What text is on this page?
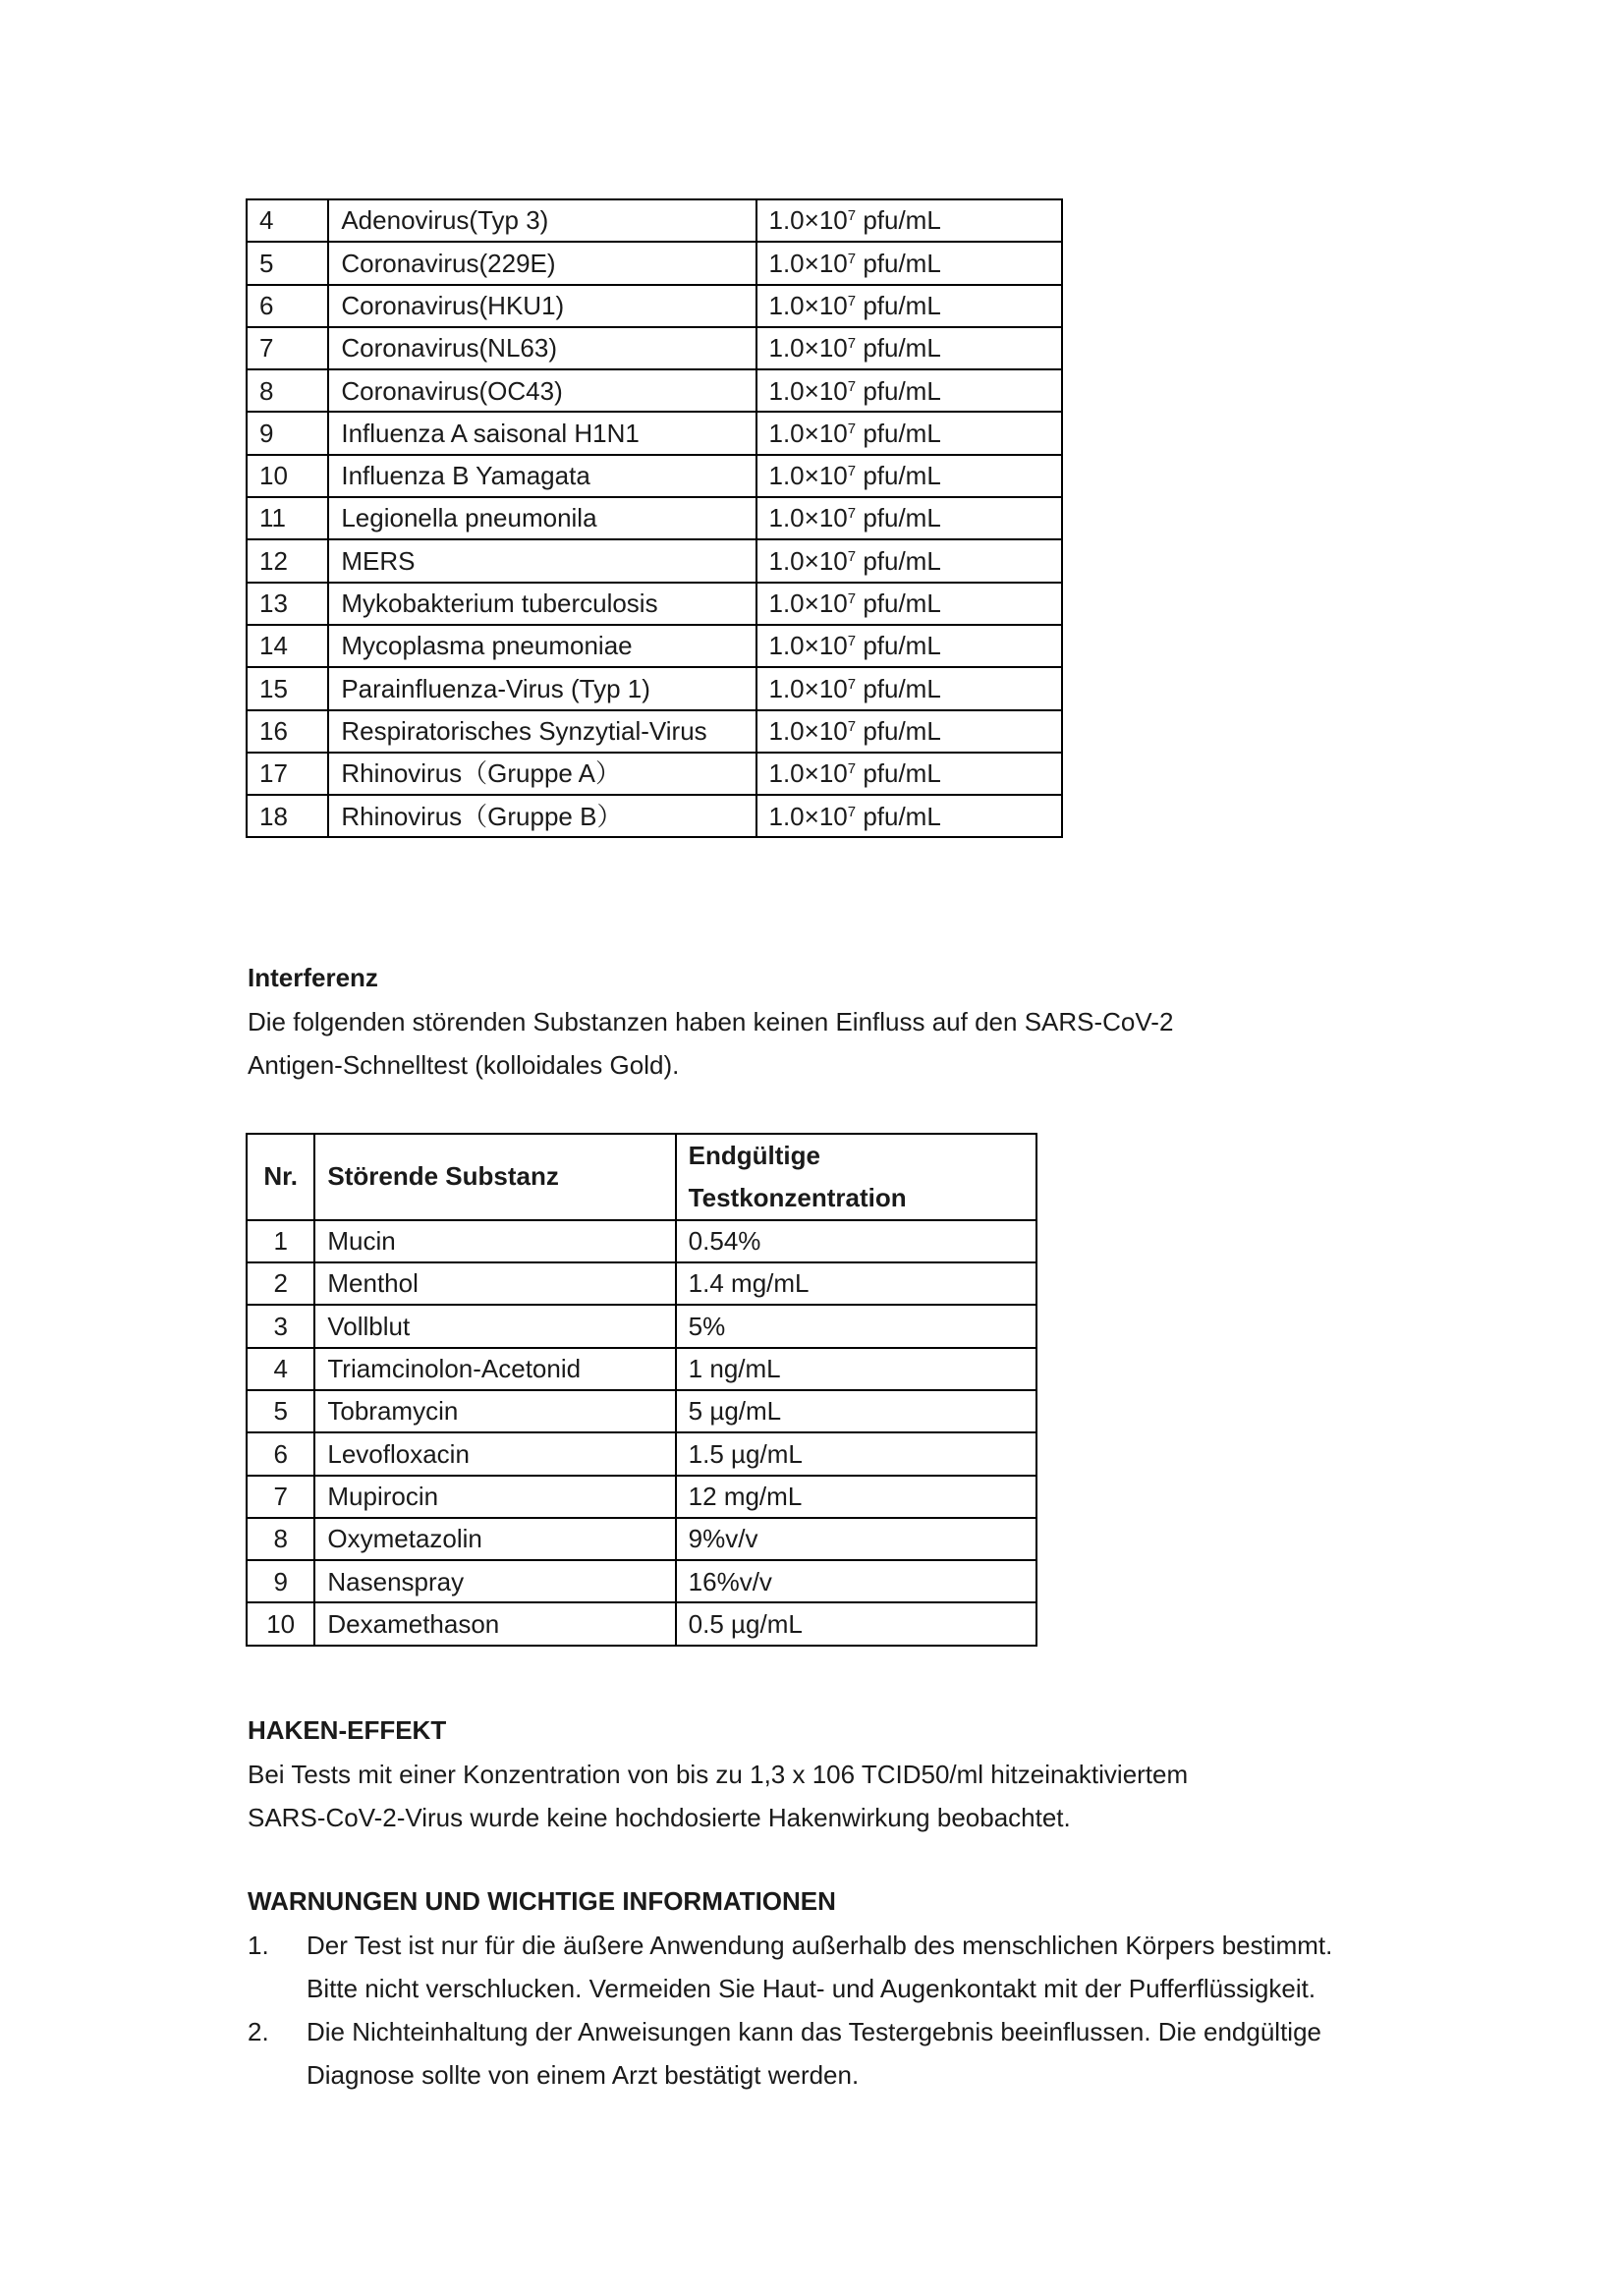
4	Adenovirus(Typ 3)	$1.0\times 10^7$ pfu/mL
5	Coronavirus(229E)	$1.0\times 10^7$ pfu/mL
6	Coronavirus(HKU1)	$1.0\times 10^7$ pfu/mL
7	Coronavirus(NL63)	$1.0\times 10^7$ pfu/mL
8	Coronavirus(OC43)	$1.0\times 10^7$ pfu/mL
9	Influenza A saisonal H1N1	$1.0\times 10^7$ pfu/mL
10	Influenza B Yamagata	$1.0\times 10^7$ pfu/mL
11	Legionella pneumonila	$1.0\times 10^7$ pfu/mL
12	MERS	$1.0\times 10^7$ pfu/mL
13	Mykobakterium tuberculosis	$1.0\times 10^7$ pfu/mL
14	Mycoplasma pneumoniae	$1.0\times 10^7$ pfu/mL
15	Parainfluenza-Virus (Typ 1)	$1.0\times 10^7$ pfu/mL
16	Respiratorisches Synzytial-Virus	$1.0\times 10^7$ pfu/mL
17	Rhinovirus（Gruppe A）	$1.0\times 10^7$ pfu/mL
18	Rhinovirus（Gruppe B）	$1.0\times 10^7$ pfu/mL
Interferenz

Die folgenden störenden Substanzen haben keinen Einfluss auf den SARS-CoV-2
Antigen-Schnelltest (kolloidales Gold).

Nr.	Störende Substanz	Endgültige
Testkonzentration

1	Mucin	0.54%
2	Menthol	1.4 mg/mL
3	Vollblut	5%
4	Triamcinolon-Acetonid	1 ng/mL
5	Tobramycin	5 µg/mL
6	Levofloxacin	1.5 µg/mL
7	Mupirocin	12 mg/mL
8	Oxymetazolin	9%v/v
9	Nasenspray	16%v/v
10	Dexamethason	0.5 µg/mL
HAKEN-EFFEKT

Bei Tests mit einer Konzentration von bis zu 1,3 x 106 TCID50/ml hitzeinaktiviertem
SARS-CoV-2-Virus wurde keine hochdosierte Hakenwirkung beobachtet.

WARNUNGEN UND WICHTIGE INFORMATIONEN
1. Der Test ist nur für die äußere Anwendung außerhalb des menschlichen Körpers bestimmt.
Bitte nicht verschlucken. Vermeiden Sie Haut- und Augenkontakt mit der Pufferflüssigkeit.
2. Die Nichteinhaltung der Anweisungen kann das Testergebnis beeinflussen. Die endgültige
Diagnose sollte von einem Arzt bestätigt werden.
